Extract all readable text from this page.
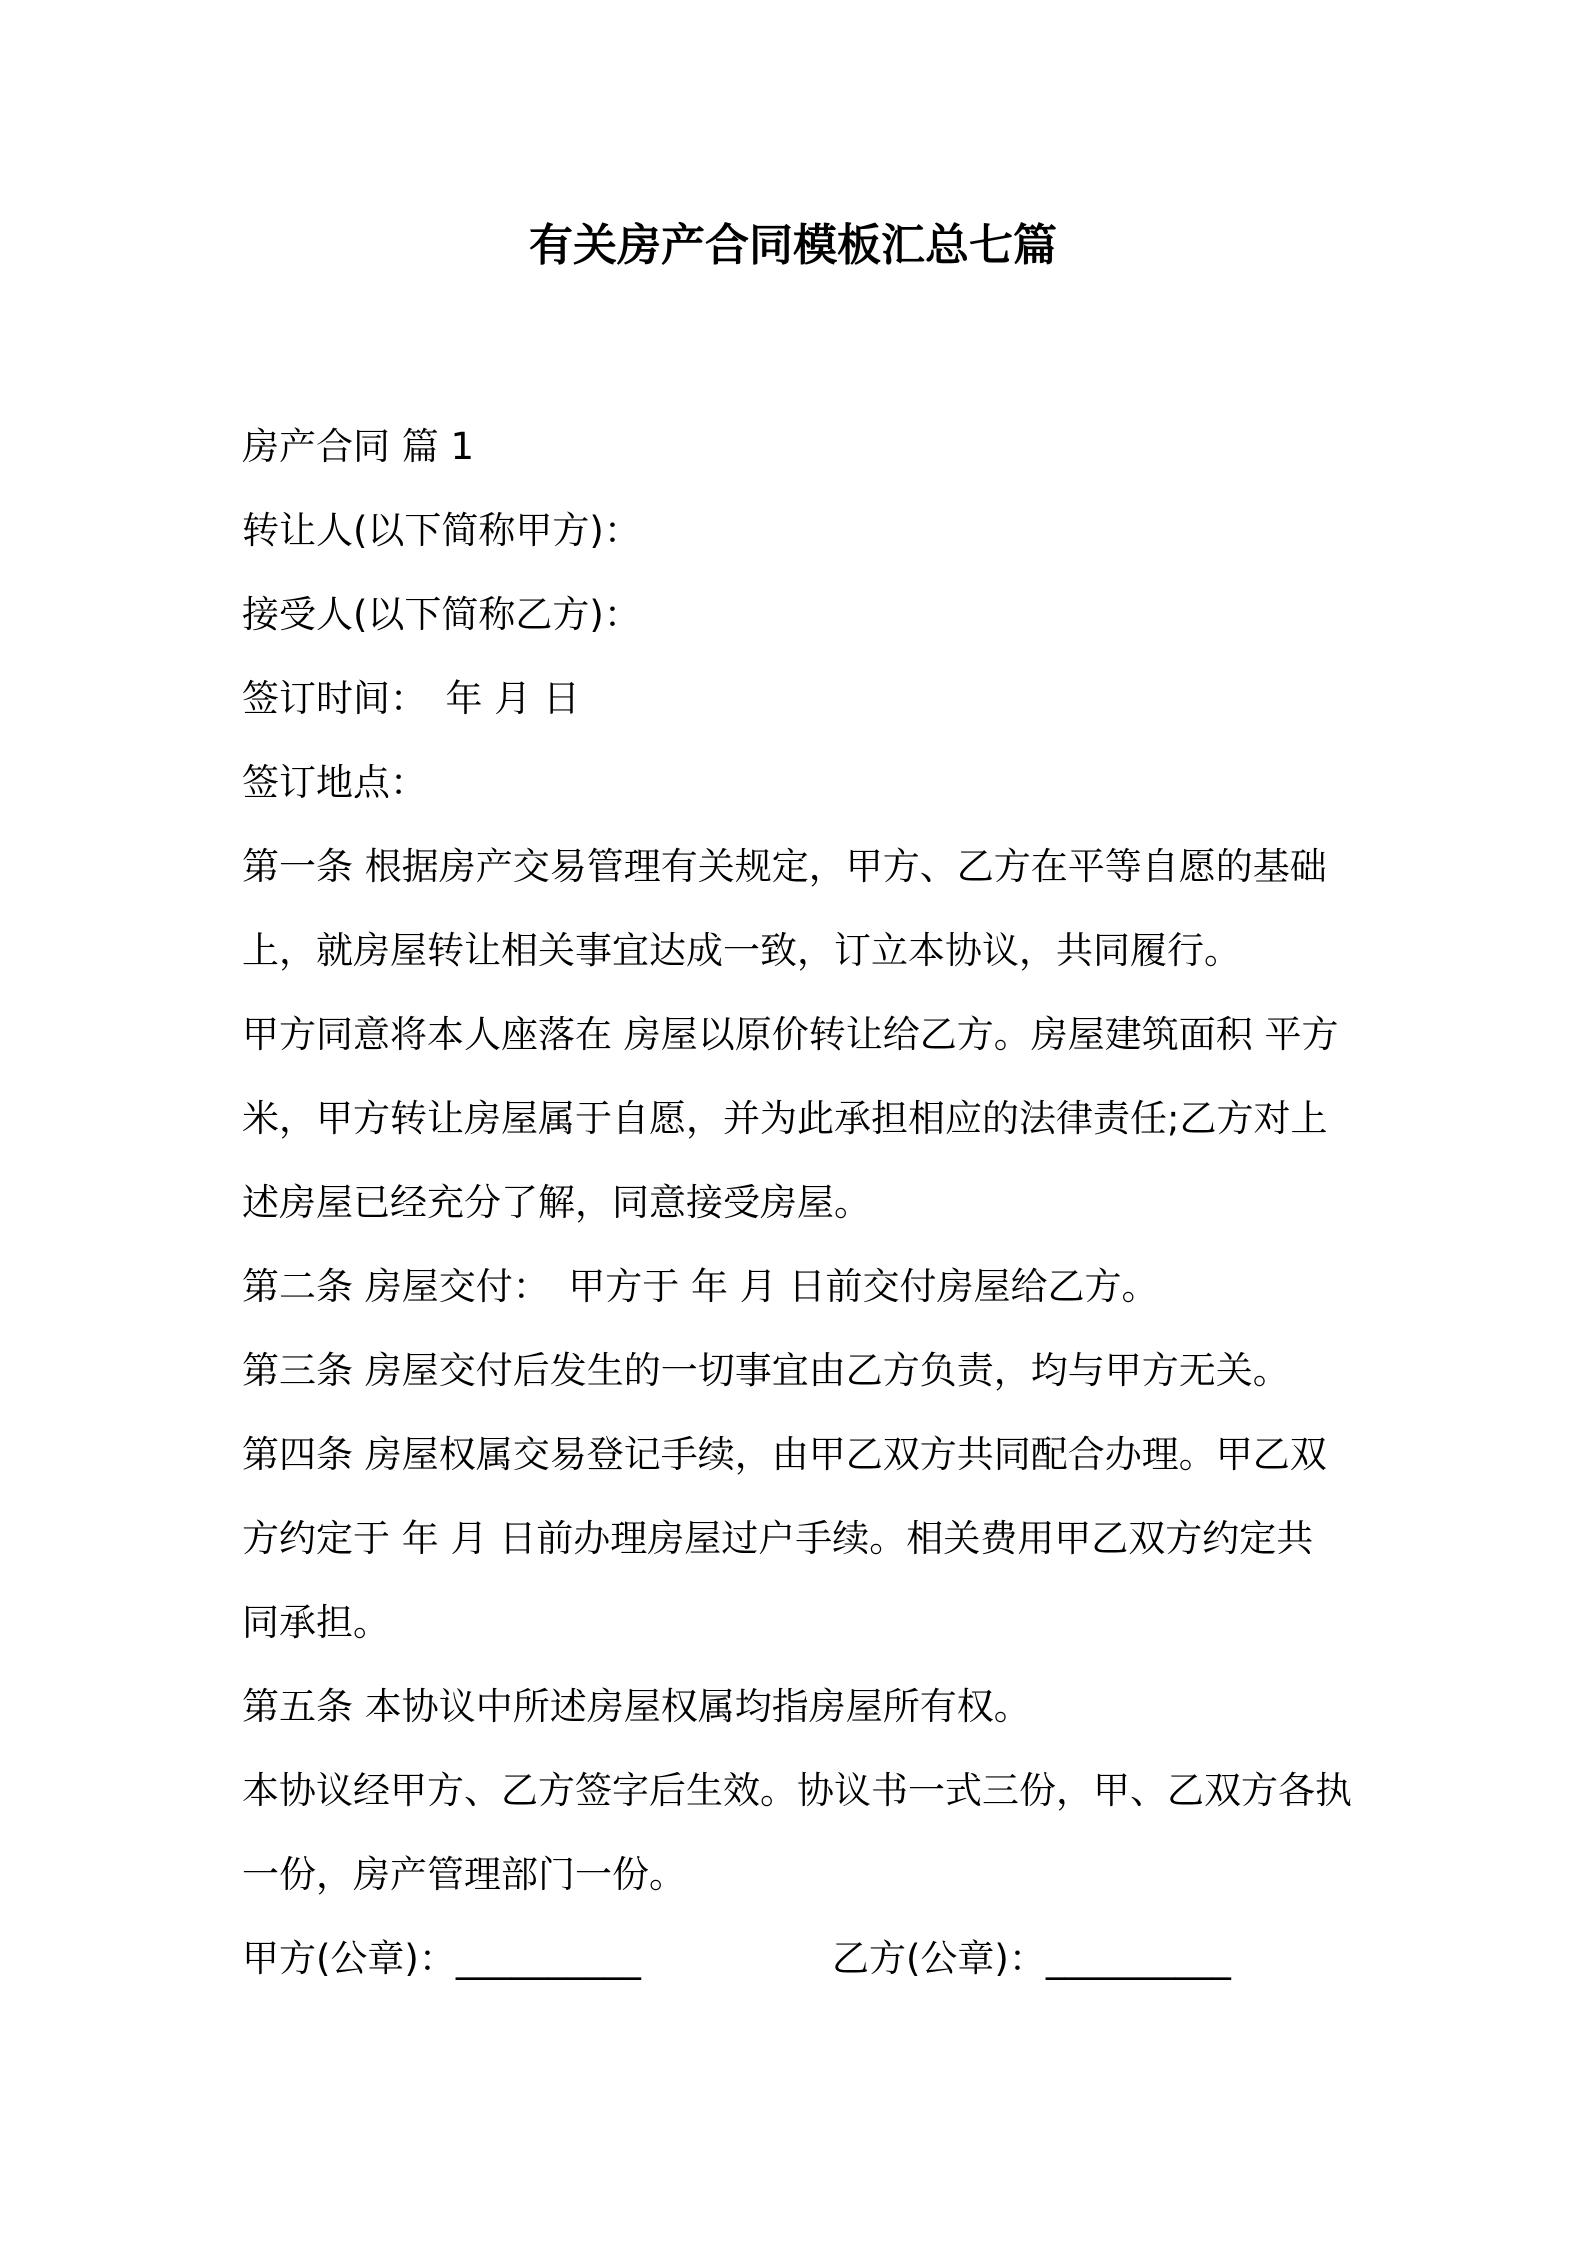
有关房产合同模板汇总七篇
房产合同 篇 1
转让人(以下简称甲方)：
接受人(以下简称乙方)：
签订时间：　年 月 日
签订地点：
第一条 根据房产交易管理有关规定，甲方、乙方在平等自愿的基础
上，就房屋转让相关事宜达成一致，订立本协议，共同履行。
甲方同意将本人座落在 房屋以原价转让给乙方。房屋建筑面积 平方
米，甲方转让房屋属于自愿，并为此承担相应的法律责任;乙方对上
述房屋已经充分了解，同意接受房屋。
第二条 房屋交付：　甲方于 年 月 日前交付房屋给乙方。
第三条 房屋交付后发生的一切事宜由乙方负责，均与甲方无关。
第四条 房屋权属交易登记手续，由甲乙双方共同配合办理。甲乙双
方约定于 年 月 日前办理房屋过户手续。相关费用甲乙双方约定共
同承担。
第五条 本协议中所述房屋权属均指房屋所有权。
本协议经甲方、乙方签字后生效。协议书一式三份，甲、乙双方各执
一份，房产管理部门一份。
甲方(公章)：__________	乙方(公章)：__________
